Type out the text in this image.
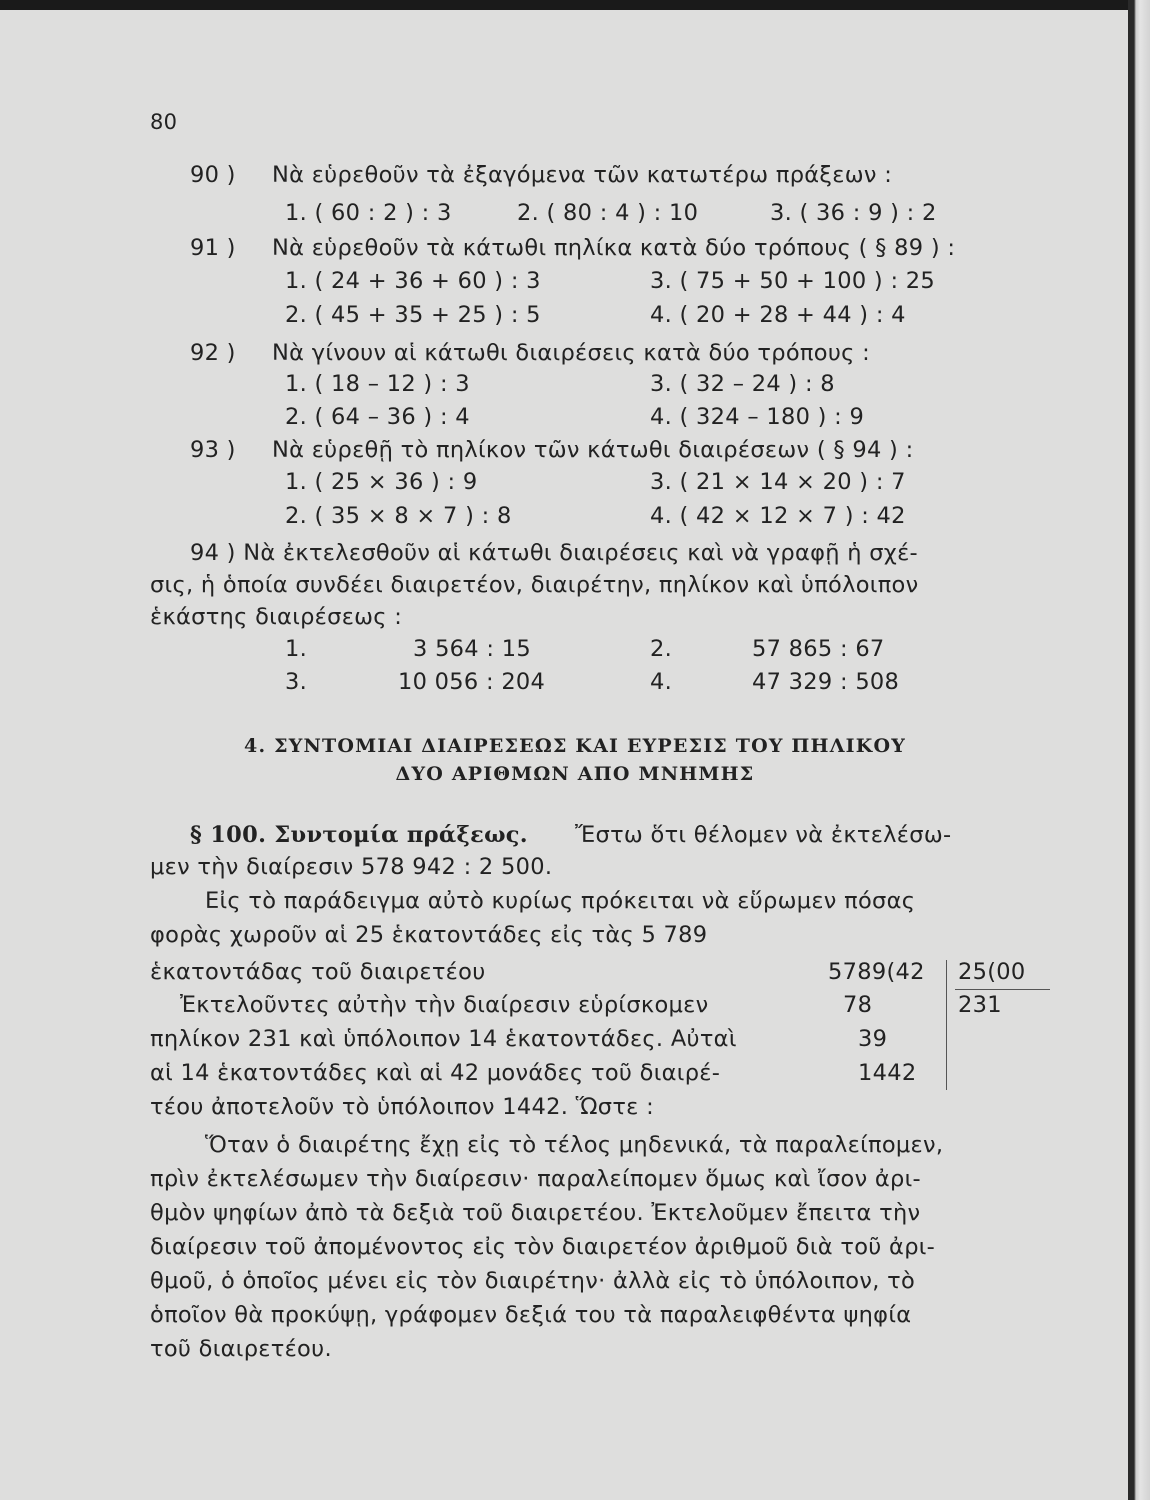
80
90 ) Νὰ εὑρεθοῦν τὰ ἐξαγόμενα τῶν κατωτέρω πράξεων :
1. ( 60 : 2 ) : 3	2. ( 80 : 4 ) : 10	3. ( 36 : 9 ) : 2
91 ) Νὰ εὑρεθοῦν τὰ κάτωθι πηλίκα κατὰ δύο τρόπους ( § 89 ) :
1. ( 24 + 36 + 60 ) : 3	3. ( 75 + 50 + 100 ) : 25
2. ( 45 + 35 + 25 ) : 5	4. ( 20 + 28 + 44 ) : 4
92 ) Νὰ γίνουν αἱ κάτωθι διαιρέσεις κατὰ δύο τρόπους :
1. ( 18 – 12 ) : 3	3. ( 32 – 24 ) : 8
2. ( 64 – 36 ) : 4	4. ( 324 – 180 ) : 9
93 ) Νὰ εὑρεθῇ τὸ πηλίκον τῶν κάτωθι διαιρέσεων ( § 94 ) :
1. ( 25 × 36 ) : 9	3. ( 21 × 14 × 20 ) : 7
2. ( 35 × 8 × 7 ) : 8	4. ( 42 × 12 × 7 ) : 42
94 ) Νὰ ἐκτελεσθοῦν αἱ κάτωθι διαιρέσεις καὶ νὰ γραφῇ ἡ σχέ-
σις, ἡ ὁποία συνδέει διαιρετέον, διαιρέτην, πηλίκον καὶ ὑπόλοιπον
ἑκάστης διαιρέσεως :
1.	3 564 : 15	2.	57 865 : 67
3.	10 056 : 204	4.	47 329 : 508
4. ΣΥΝΤΟΜΙΑΙ ΔΙΑΙΡΕΣΕΩΣ ΚΑΙ ΕΥΡΕΣΙΣ ΤΟΥ ΠΗΛΙΚΟΥ
ΔΥΟ ΑΡΙΘΜΩΝ ΑΠΟ ΜΝΗΜΗΣ
§ 100. Συντομία πράξεως. Ἔστω ὅτι θέλομεν νὰ ἐκτελέσω-
μεν τὴν διαίρεσιν 578 942 : 2 500.
Εἰς τὸ παράδειγμα αὐτὸ κυρίως πρόκειται νὰ εὕρωμεν πόσας
φορὰς χωροῦν αἱ 25 ἑκατοντάδες εἰς τὰς 5 789
ἑκατοντάδας τοῦ διαιρετέου
Ἐκτελοῦντες αὐτὴν τὴν διαίρεσιν εὑρίσκομεν
πηλίκον 231 καὶ ὑπόλοιπον 14 ἑκατοντάδες. Αὐταὶ
αἱ 14 ἑκατοντάδες καὶ αἱ 42 μονάδες τοῦ διαιρέ-
τέου ἀποτελοῦν τὸ ὑπόλοιπον 1442. Ὥστε :
5789(42 25(00
78	231
39
1442
Ὅταν ὁ διαιρέτης ἔχῃ εἰς τὸ τέλος μηδενικά, τὰ παραλείπομεν,
πρὶν ἐκτελέσωμεν τὴν διαίρεσιν· παραλείπομεν ὅμως καὶ ἴσον ἀρι-
θμὸν ψηφίων ἀπὸ τὰ δεξιὰ τοῦ διαιρετέου. Ἐκτελοῦμεν ἔπειτα τὴν
διαίρεσιν τοῦ ἀπομένοντος εἰς τὸν διαιρετέον ἀριθμοῦ διὰ τοῦ ἀρι-
θμοῦ, ὁ ὁποῖος μένει εἰς τὸν διαιρέτην· ἀλλὰ εἰς τὸ ὑπόλοιπον, τὸ
ὁποῖον θὰ προκύψῃ, γράφομεν δεξιά του τὰ παραλειφθέντα ψηφία
τοῦ διαιρετέου.
